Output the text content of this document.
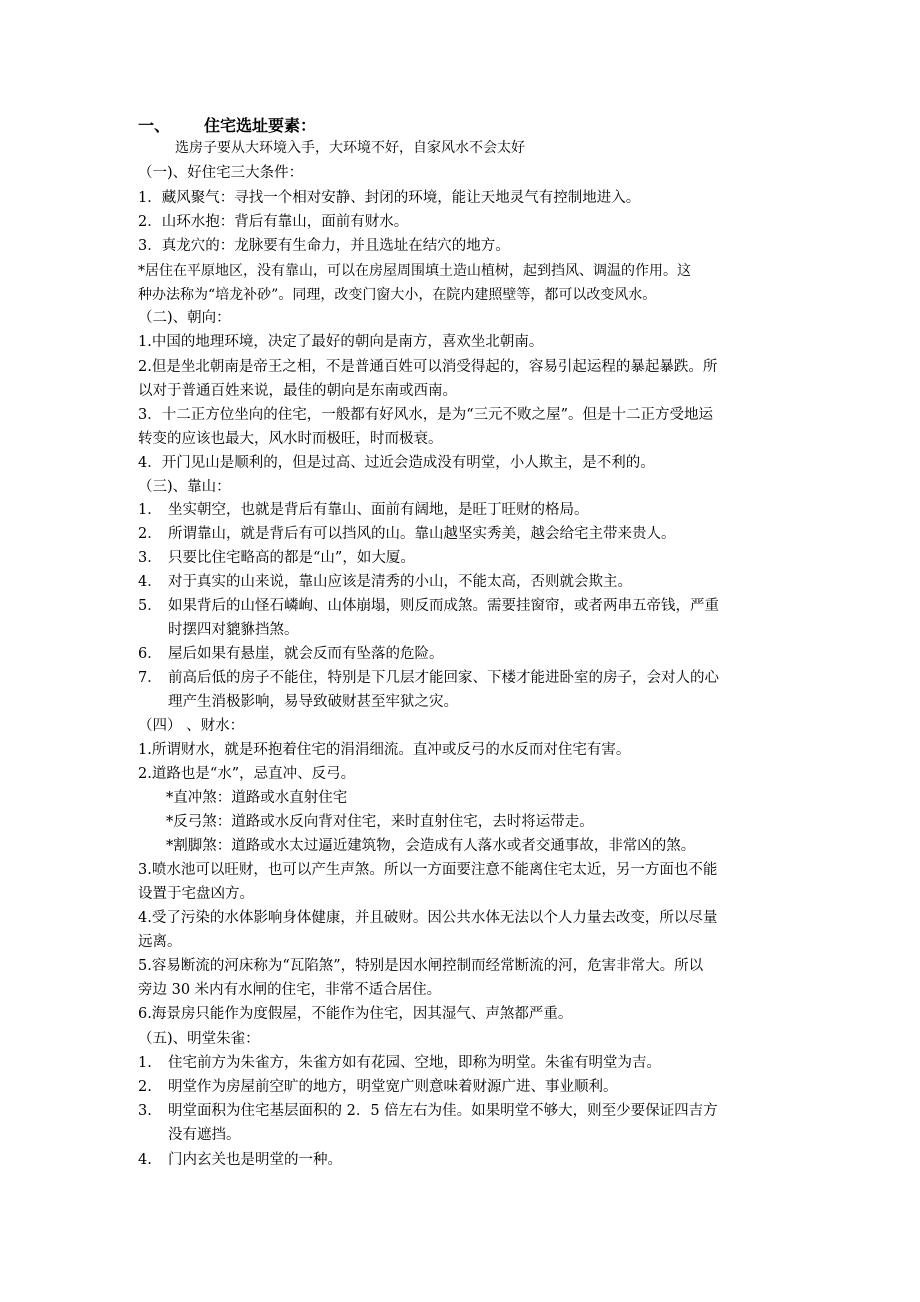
一、 住宅选址要素：
选房子要从大环境入手，大环境不好，自家风水不会太好
（一)、好住宅三大条件：
1．藏风聚气：寻找一个相对安静、封闭的环境，能让天地灵气有控制地进入。
2．山环水抱：背后有靠山，面前有财水。
3．真龙穴的：龙脉要有生命力，并且选址在结穴的地方。
*居住在平原地区，没有靠山，可以在房屋周围填土造山植树，起到挡风、调温的作用。这
种办法称为“培龙补砂”。同理，改变门窗大小，在院内建照壁等，都可以改变风水。
（二)、朝向：
1.中国的地理环境，决定了最好的朝向是南方，喜欢坐北朝南。
2.但是坐北朝南是帝王之相，不是普通百姓可以消受得起的，容易引起运程的暴起暴跌。所
以对于普通百姓来说，最佳的朝向是东南或西南。
3．十二正方位坐向的住宅，一般都有好风水，是为“三元不败之屋”。但是十二正方受地运
转变的应该也最大，风水时而极旺，时而极衰。
4．开门见山是顺利的，但是过高、过近会造成没有明堂，小人欺主，是不利的。
（三)、靠山：
1． 坐实朝空，也就是背后有靠山、面前有阔地，是旺丁旺财的格局。
2． 所谓靠山，就是背后有可以挡风的山。靠山越坚实秀美，越会给宅主带来贵人。
3． 只要比住宅略高的都是“山”，如大厦。
4． 对于真实的山来说，靠山应该是清秀的小山，不能太高，否则就会欺主。
5． 如果背后的山怪石嶙峋、山体崩塌，则反而成煞。需要挂窗帘，或者两串五帝钱，严重
时摆四对貔貅挡煞。
6． 屋后如果有悬崖，就会反而有坠落的危险。
7． 前高后低的房子不能住，特别是下几层才能回家、下楼才能进卧室的房子，会对人的心
理产生消极影响，易导致破财甚至牢狱之灾。
（四） 、财水：
1.所谓财水，就是环抱着住宅的涓涓细流。直冲或反弓的水反而对住宅有害。
2.道路也是“水”，忌直冲、反弓。
*直冲煞：道路或水直射住宅
*反弓煞：道路或水反向背对住宅，来时直射住宅，去时将运带走。
*割脚煞：道路或水太过逼近建筑物，会造成有人落水或者交通事故，非常凶的煞。
3.喷水池可以旺财，也可以产生声煞。所以一方面要注意不能离住宅太近，另一方面也不能
设置于宅盘凶方。
4.受了污染的水体影响身体健康，并且破财。因公共水体无法以个人力量去改变，所以尽量
远离。
5.容易断流的河床称为“瓦陷煞”，特别是因水闸控制而经常断流的河，危害非常大。所以
旁边 30 米内有水闸的住宅，非常不适合居住。
6.海景房只能作为度假屋，不能作为住宅，因其湿气、声煞都严重。
（五)、明堂朱雀：
1. 住宅前方为朱雀方，朱雀方如有花园、空地，即称为明堂。朱雀有明堂为吉。
2. 明堂作为房屋前空旷的地方，明堂宽广则意味着财源广进、事业顺利。
3. 明堂面积为住宅基层面积的 2．5 倍左右为佳。如果明堂不够大，则至少要保证四吉方
没有遮挡。
4. 门内玄关也是明堂的一种。
